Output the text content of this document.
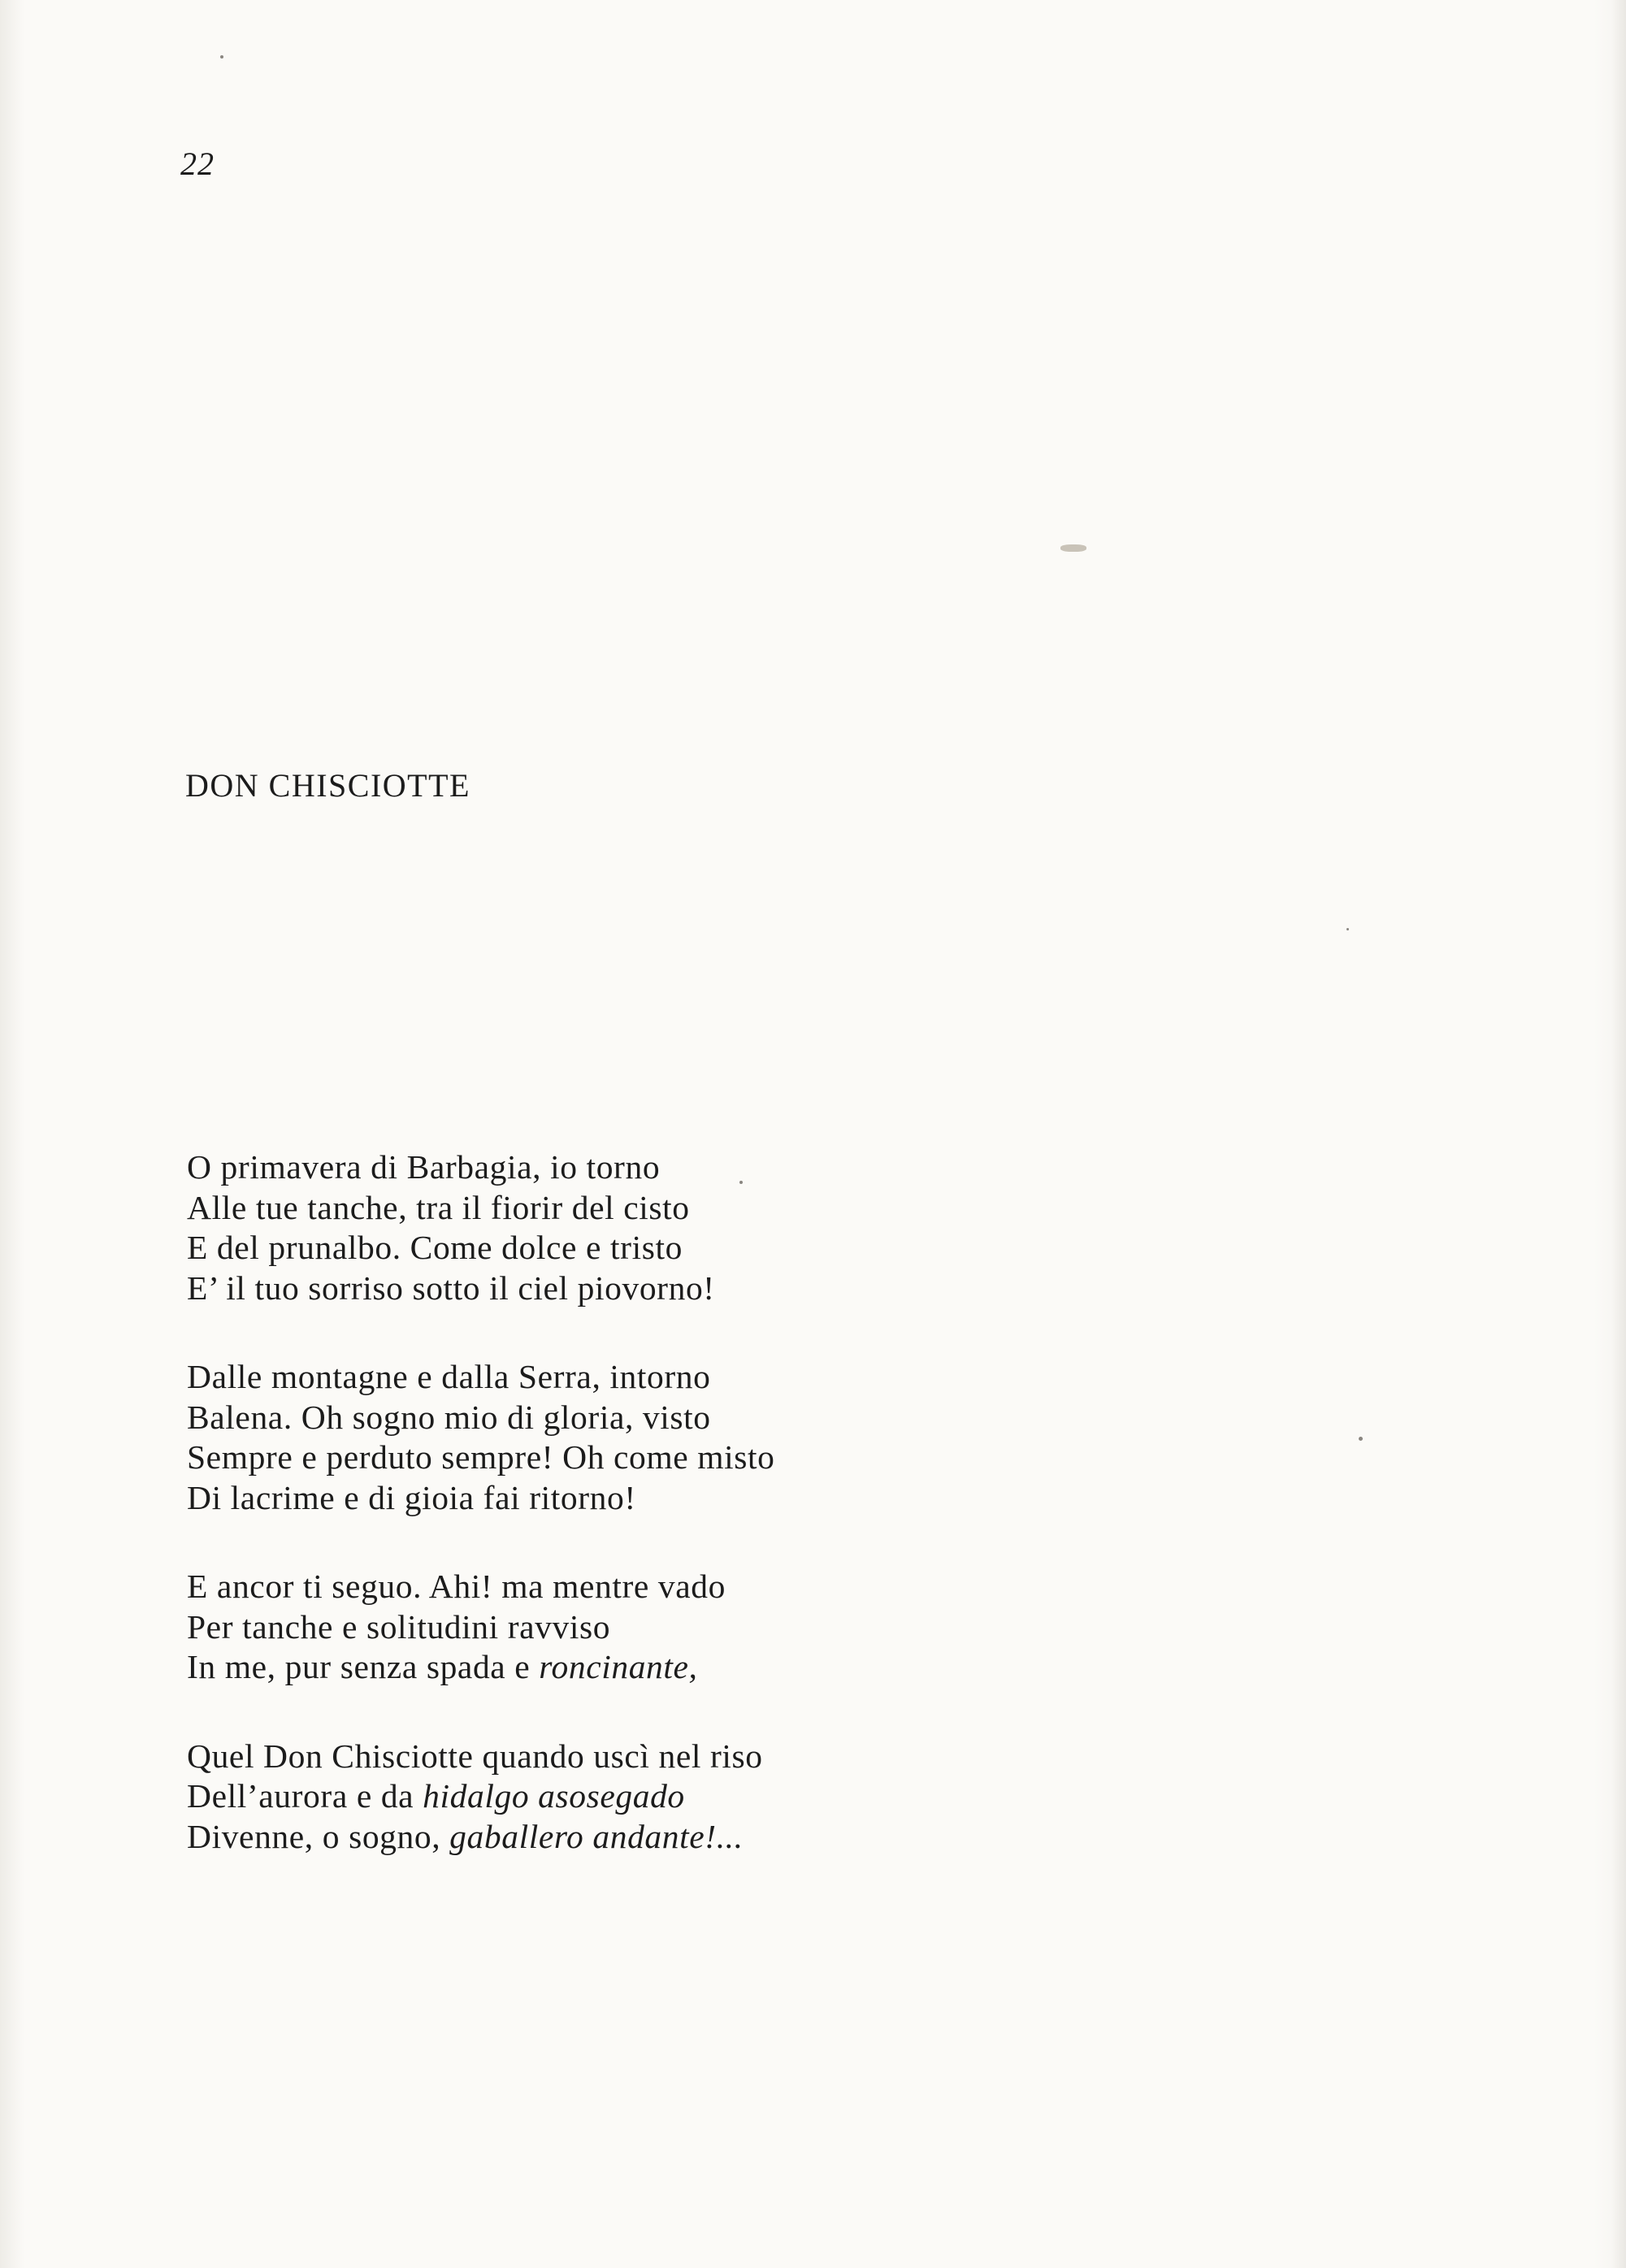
22
DON CHISCIOTTE
O primavera di Barbagia, io torno
Alle tue tanche, tra il fiorir del cisto
E del prunalbo. Come dolce e tristo
E’ il tuo sorriso sotto il ciel piovorno!
Dalle montagne e dalla Serra, intorno
Balena. Oh sogno mio di gloria, visto
Sempre e perduto sempre! Oh come misto
Di lacrime e di gioia fai ritorno!
E ancor ti seguo. Ahi! ma mentre vado
Per tanche e solitudini ravviso
In me, pur senza spada e roncinante,
Quel Don Chisciotte quando uscì nel riso
Dell’aurora e da hidalgo asosegado
Divenne, o sogno, gaballero andante!...
